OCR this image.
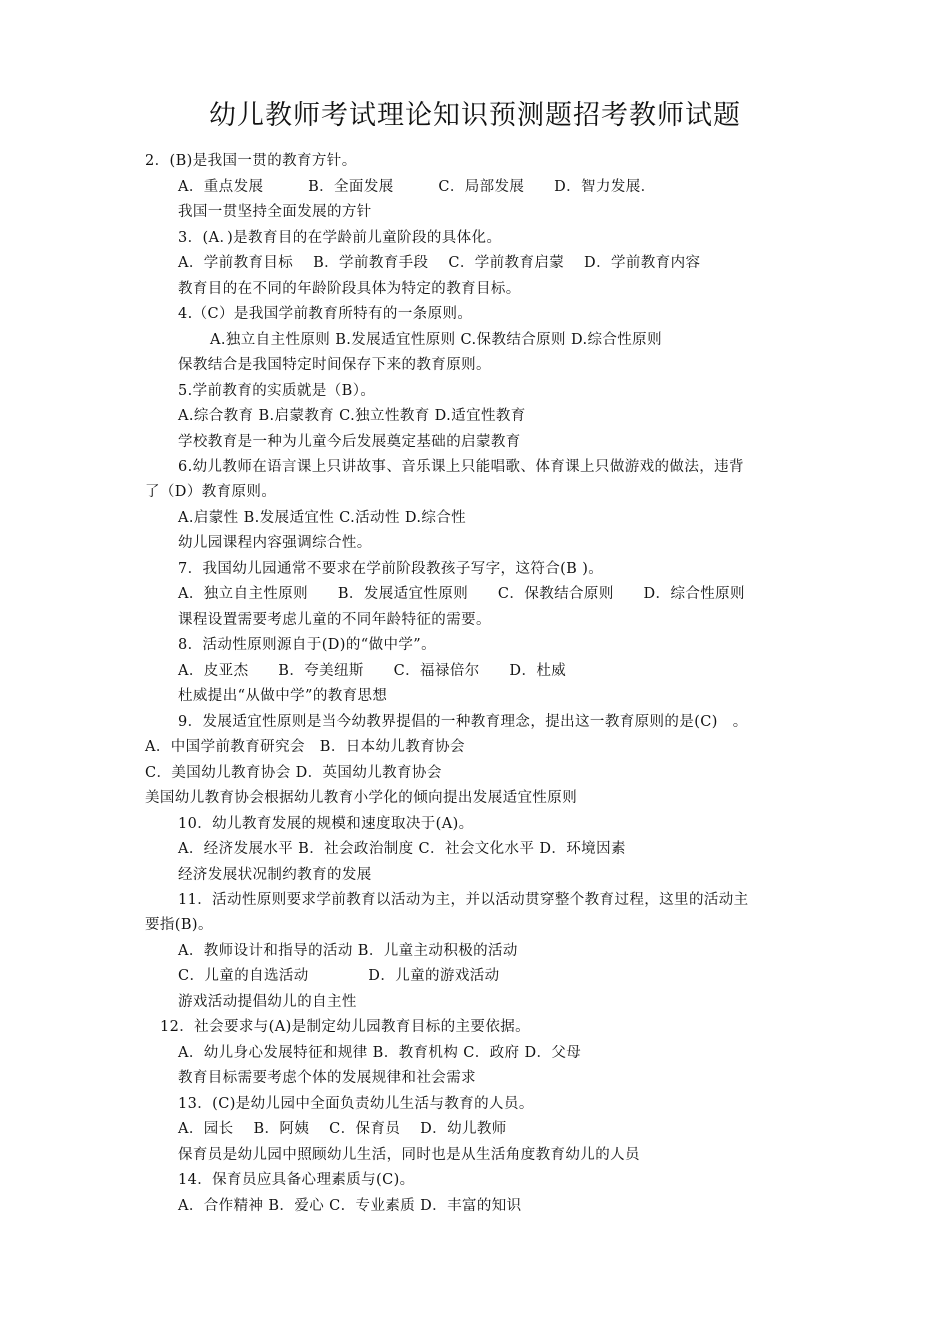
幼儿教师考试理论知识预测题招考教师试题
2．(B)是我国一贯的教育方针。
A．重点发展　　　B．全面发展　　　C．局部发展　　D．智力发展．
我国一贯坚持全面发展的方针
3．(A．)是教育目的在学龄前儿童阶段的具体化。
A．学前教育目标　 B．学前教育手段　 C．学前教育启蒙　 D．学前教育内容
教育目的在不同的年龄阶段具体为特定的教育目标。
4.（C）是我国学前教育所特有的一条原则。
A.独立自主性原则 B.发展适宜性原则 C.保教结合原则 D.综合性原则
保教结合是我国特定时间保存下来的教育原则。
5.学前教育的实质就是（B）。
A.综合教育 B.启蒙教育 C.独立性教育 D.适宜性教育
学校教育是一种为儿童今后发展奠定基础的启蒙教育
6.幼儿教师在语言课上只讲故事、音乐课上只能唱歌、体育课上只做游戏的做法，违背
了（D）教育原则。
A.启蒙性 B.发展适宜性 C.活动性 D.综合性
幼儿园课程内容强调综合性。
7．我国幼儿园通常不要求在学前阶段教孩子写字，这符合(B )。
A．独立自主性原则　　B．发展适宜性原则　　C．保教结合原则　　D．综合性原则
课程设置需要考虑儿童的不同年龄特征的需要。
8．活动性原则源自于(D)的“做中学”。
A．皮亚杰　　B．夸美纽斯　　C．福禄倍尔　　D．杜威
杜威提出“从做中学”的教育思想
9．发展适宜性原则是当今幼教界提倡的一种教育理念，提出这一教育原则的是(C)　。
A．中国学前教育研究会　B．日本幼儿教育协会
C．美国幼儿教育协会 D．英国幼儿教育协会
美国幼儿教育协会根据幼儿教育小学化的倾向提出发展适宜性原则
10．幼儿教育发展的规模和速度取决于(A)。
A．经济发展水平 B．社会政治制度 C．社会文化水平 D．环境因素
经济发展状况制约教育的发展
11．活动性原则要求学前教育以活动为主，并以活动贯穿整个教育过程，这里的活动主
要指(B)。
A．教师设计和指导的活动 B．儿童主动积极的活动
C．儿童的自选活动　　　　D．儿童的游戏活动
游戏活动提倡幼儿的自主性
12．社会要求与(A)是制定幼儿园教育目标的主要依据。
A．幼儿身心发展特征和规律 B．教育机构 C．政府 D．父母
教育目标需要考虑个体的发展规律和社会需求
13．(C)是幼儿园中全面负责幼儿生活与教育的人员。
A．园长　 B．阿姨　 C．保育员　 D．幼儿教师
保育员是幼儿园中照顾幼儿生活，同时也是从生活角度教育幼儿的人员
14．保育员应具备心理素质与(C)。
A．合作精神 B．爱心 C．专业素质 D．丰富的知识
